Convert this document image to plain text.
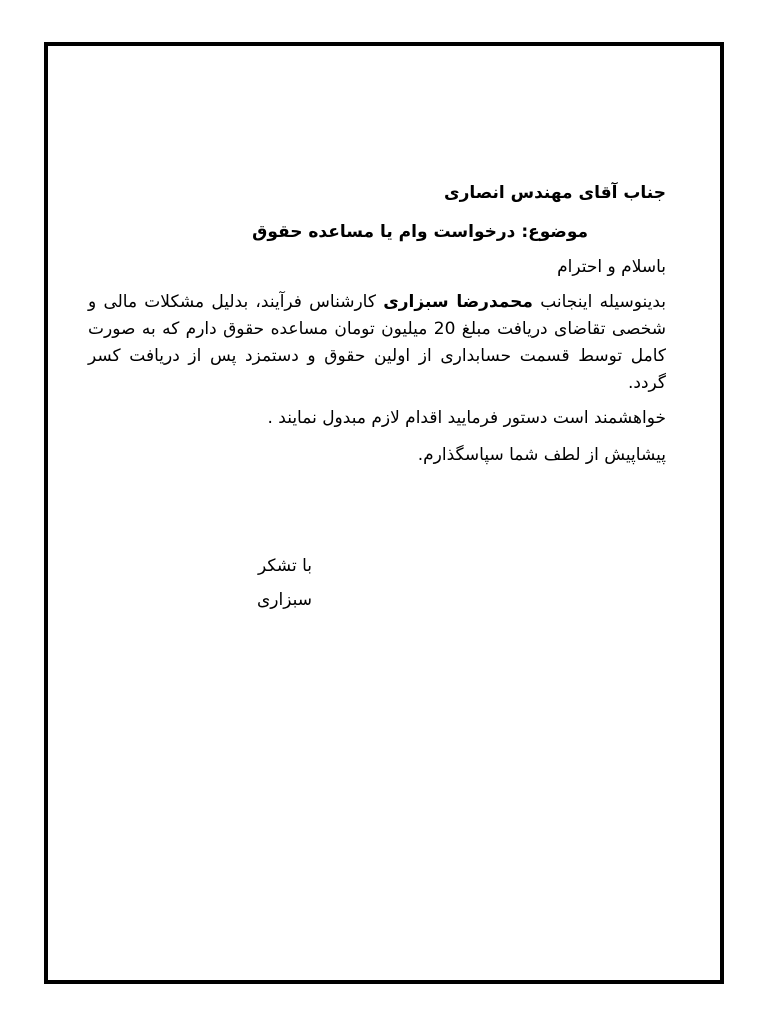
جناب آقای مهندس انصاری

موضوع: درخواست وام یا مساعده حقوق

باسلام و احترام

بدینوسیله اینجانب محمدرضا سبزاری کارشناس فرآیند، بدلیل مشکلات مالی و شخصی تقاضای دریافت مبلغ 20 میلیون تومان مساعده حقوق دارم که به صورت کامل توسط قسمت حسابداری از اولین حقوق و دستمزد پس از دریافت کسر گردد.

خواهشمند است دستور فرمایید اقدام لازم مبدول نمایند .

پیشاپیش از لطف شما سپاسگذارم.

با تشکر
سبزاری
